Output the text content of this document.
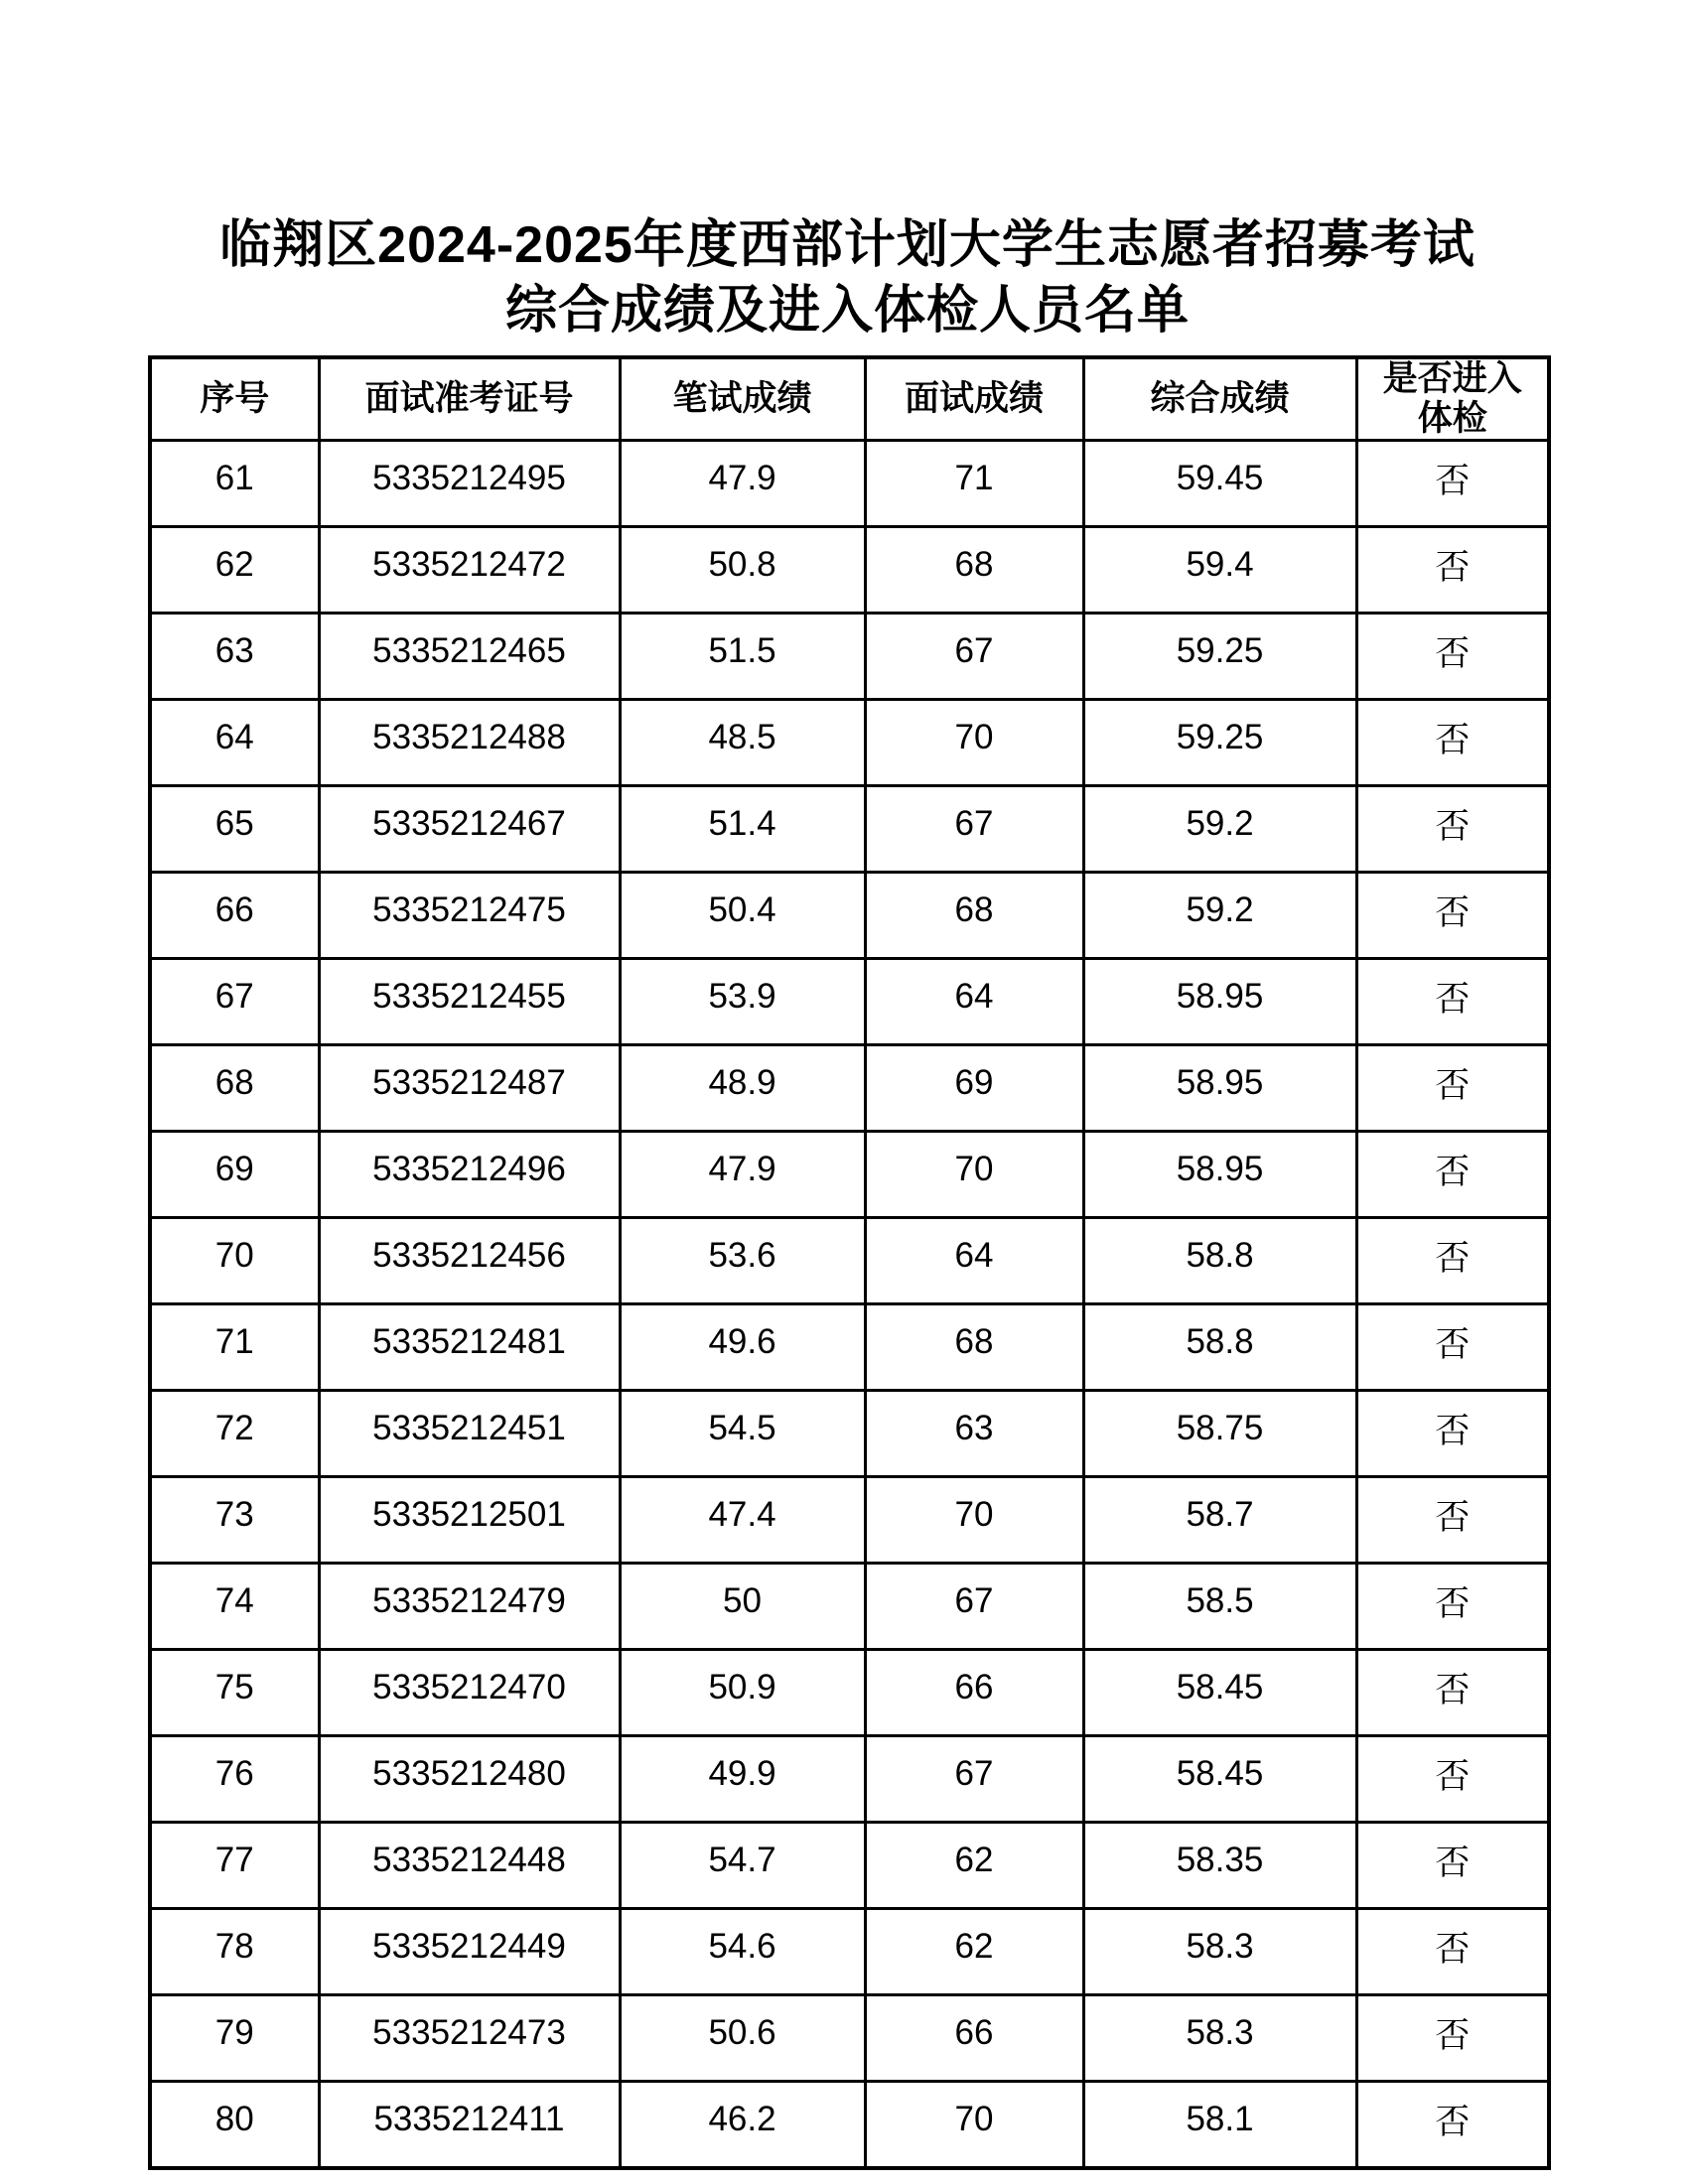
临翔区2024-2025年度西部计划大学生志愿者招募考试
综合成绩及进入体检人员名单
序号	面试准考证号	笔试成绩	面试成绩	综合成绩	是否进入体检
61	5335212495	47.9	71	59.45	否
62	5335212472	50.8	68	59.4	否
63	5335212465	51.5	67	59.25	否
64	5335212488	48.5	70	59.25	否
65	5335212467	51.4	67	59.2	否
66	5335212475	50.4	68	59.2	否
67	5335212455	53.9	64	58.95	否
68	5335212487	48.9	69	58.95	否
69	5335212496	47.9	70	58.95	否
70	5335212456	53.6	64	58.8	否
71	5335212481	49.6	68	58.8	否
72	5335212451	54.5	63	58.75	否
73	5335212501	47.4	70	58.7	否
74	5335212479	50	67	58.5	否
75	5335212470	50.9	66	58.45	否
76	5335212480	49.9	67	58.45	否
77	5335212448	54.7	62	58.35	否
78	5335212449	54.6	62	58.3	否
79	5335212473	50.6	66	58.3	否
80	5335212411	46.2	70	58.1	否
